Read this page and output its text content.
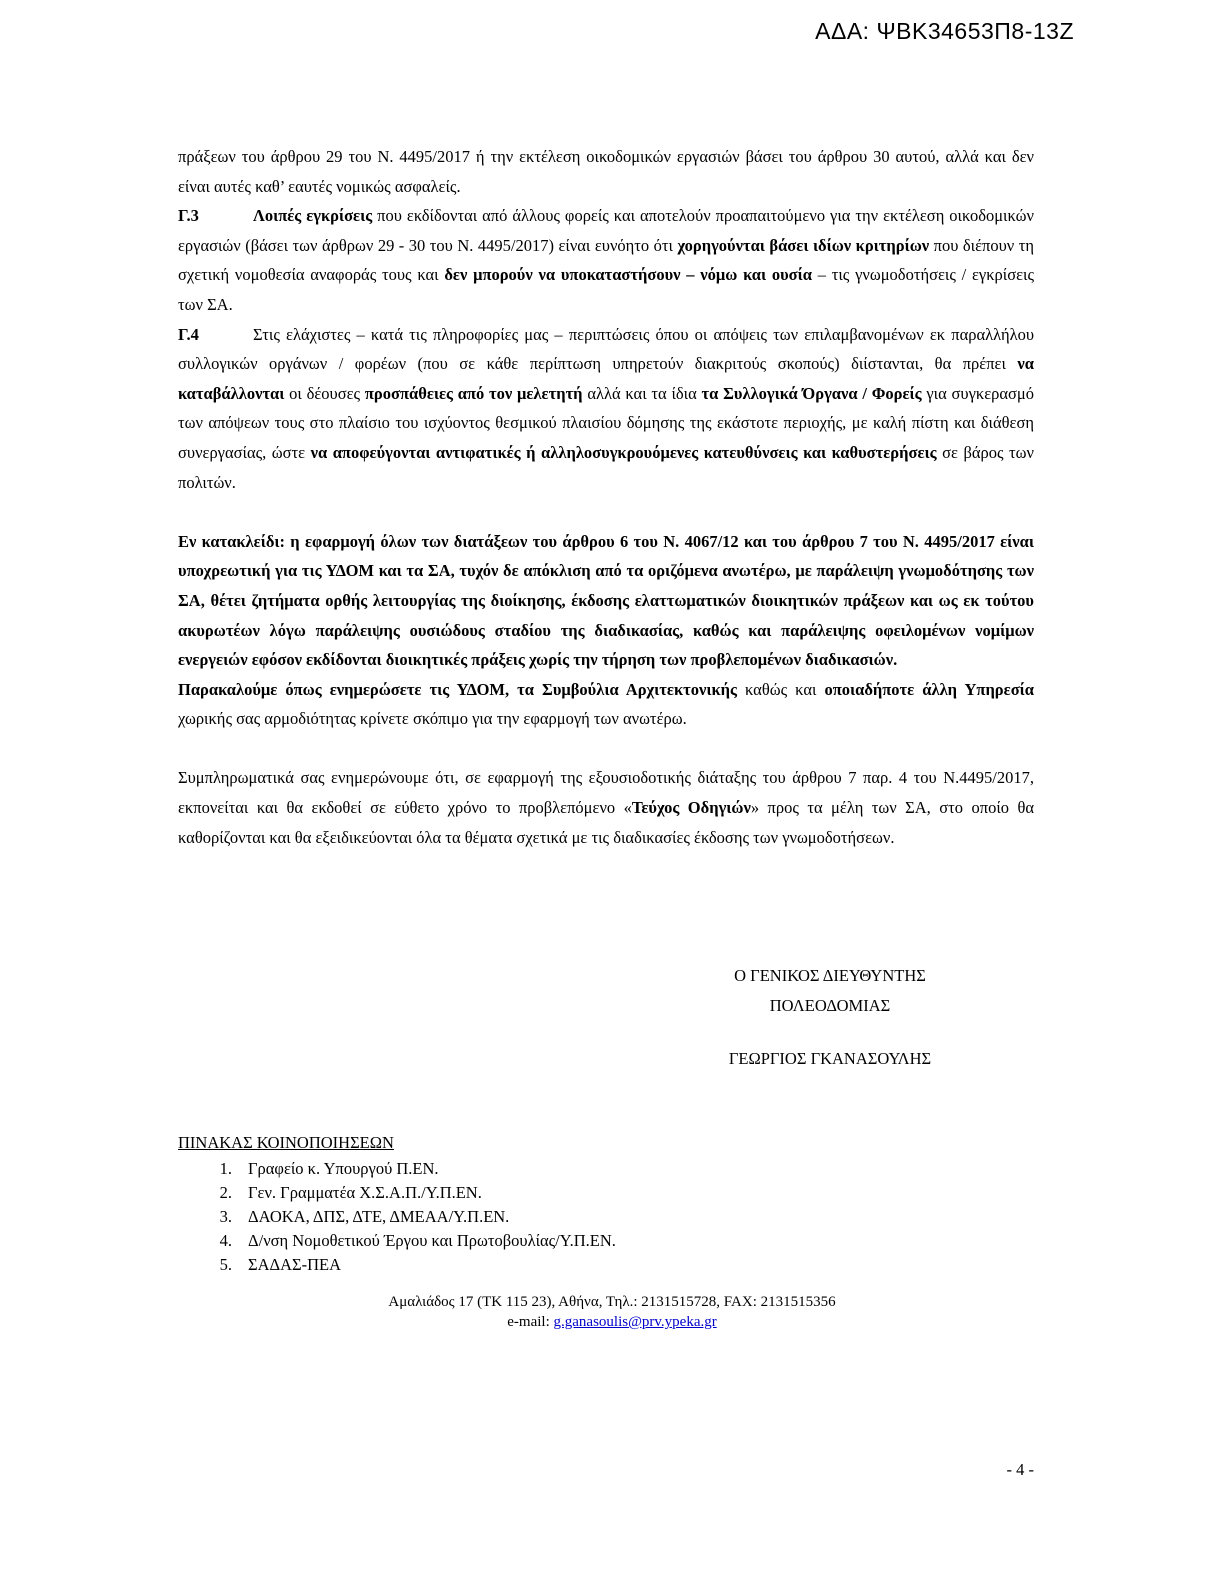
ΑΔΑ: ΨΒΚ34653Π8-13Ζ

πράξεων του άρθρου 29 του Ν. 4495/2017 ή την εκτέλεση οικοδομικών εργασιών βάσει του άρθρου 30 αυτού, αλλά και δεν είναι αυτές καθ’ εαυτές νομικώς ασφαλείς.

Γ.3	Λοιπές εγκρίσεις που εκδίδονται από άλλους φορείς και αποτελούν προαπαιτούμενο για την εκτέλεση οικοδομικών εργασιών (βάσει των άρθρων 29 - 30 του Ν. 4495/2017) είναι ευνόητο ότι χορηγούνται βάσει ιδίων κριτηρίων που διέπουν τη σχετική νομοθεσία αναφοράς τους και δεν μπορούν να υποκαταστήσουν – νόμω και ουσία – τις γνωμοδοτήσεις / εγκρίσεις των ΣΑ.

Γ.4	Στις ελάχιστες – κατά τις πληροφορίες μας – περιπτώσεις όπου οι απόψεις των επιλαμβανομένων εκ παραλλήλου συλλογικών οργάνων / φορέων (που σε κάθε περίπτωση υπηρετούν διακριτούς σκοπούς) διίστανται, θα πρέπει να καταβάλλονται οι δέουσες προσπάθειες από τον μελετητή αλλά και τα ίδια τα Συλλογικά Όργανα / Φορείς για συγκερασμό των απόψεων τους στο πλαίσιο του ισχύοντος θεσμικού πλαισίου δόμησης της εκάστοτε περιοχής, με καλή πίστη και διάθεση συνεργασίας, ώστε να αποφεύγονται αντιφατικές ή αλληλοσυγκρουόμενες κατευθύνσεις και καθυστερήσεις σε βάρος των πολιτών.

Εν κατακλείδι: η εφαρμογή όλων των διατάξεων του άρθρου 6 του Ν. 4067/12 και του άρθρου 7 του Ν. 4495/2017 είναι υποχρεωτική για τις ΥΔΟΜ και τα ΣΑ, τυχόν δε απόκλιση από τα οριζόμενα ανωτέρω, με παράλειψη γνωμοδότησης των ΣΑ, θέτει ζητήματα ορθής λειτουργίας της διοίκησης, έκδοσης ελαττωματικών διοικητικών πράξεων και ως εκ τούτου ακυρωτέων λόγω παράλειψης ουσιώδους σταδίου της διαδικασίας, καθώς και παράλειψης οφειλομένων νομίμων ενεργειών εφόσον εκδίδονται διοικητικές πράξεις χωρίς την τήρηση των προβλεπομένων διαδικασιών.

Παρακαλούμε όπως ενημερώσετε τις ΥΔΟΜ, τα Συμβούλια Αρχιτεκτονικής καθώς και οποιαδήποτε άλλη Υπηρεσία χωρικής σας αρμοδιότητας κρίνετε σκόπιμο για την εφαρμογή των ανωτέρω.

Συμπληρωματικά σας ενημερώνουμε ότι, σε εφαρμογή της εξουσιοδοτικής διάταξης του άρθρου 7 παρ. 4 του Ν.4495/2017, εκπονείται και θα εκδοθεί σε εύθετο χρόνο το προβλεπόμενο «Τεύχος Οδηγιών» προς τα μέλη των ΣΑ, στο οποίο θα καθορίζονται και θα εξειδικεύονται όλα τα θέματα σχετικά με τις διαδικασίες έκδοσης των γνωμοδοτήσεων.

Ο ΓΕΝΙΚΟΣ ΔΙΕΥΘΥΝΤΗΣ
ΠΟΛΕΟΔΟΜΙΑΣ
ΓΕΩΡΓΙΟΣ ΓΚΑΝΑΣΟΥΛΗΣ
ΠΙΝΑΚΑΣ ΚΟΙΝΟΠΟΙΗΣΕΩΝ
1. Γραφείο κ. Υπουργού Π.ΕΝ.
2. Γεν. Γραμματέα Χ.Σ.Α.Π./Υ.Π.ΕΝ.
3. ΔΑΟΚΑ, ΔΠΣ, ΔΤΕ, ΔΜΕΑΑ/Υ.Π.ΕΝ.
4. Δ/νση Νομοθετικού Έργου και Πρωτοβουλίας/Υ.Π.ΕΝ.
5. ΣΑΔΑΣ-ΠΕΑ
Αμαλιάδος 17 (ΤΚ 115 23), Αθήνα, Τηλ.: 2131515728, FAX: 2131515356
e-mail: g.ganasoulis@prv.ypeka.gr
- 4 -
